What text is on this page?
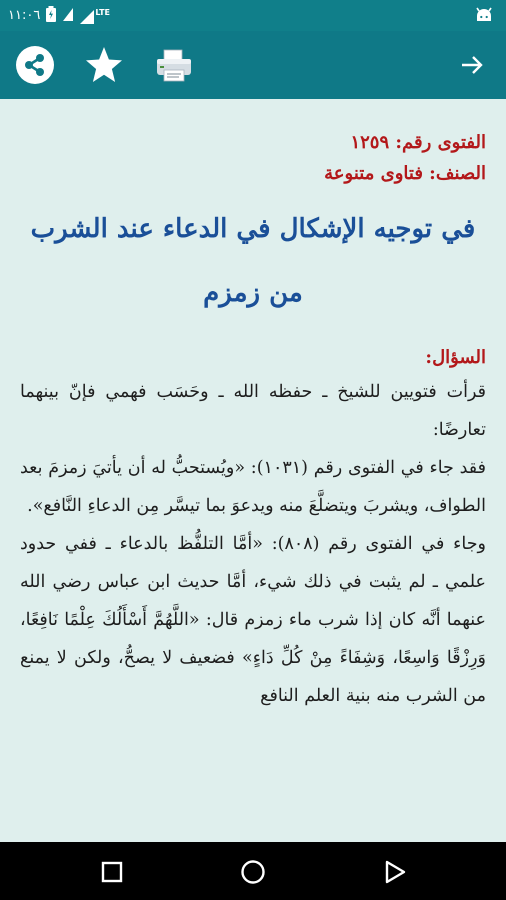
١١:٠٦	LTE
الفتوى رقم: ١٢٥٩
الصنف: فتاوى متنوعة
في توجيه الإشكال في الدعاء عند الشرب من زمزم
السؤال:
قرأت فتويين للشيخ ـ حفظه الله ـ وحَسَب فهمي فإنّ بينهما تعارضًا:
فقد جاء في الفتوى رقم (١٠٣١): «ويُستحبُّ له أن يأتيَ زمزمَ بعد الطواف، ويشربَ ويتضلَّعَ منه ويدعوَ بما تيسَّر مِن الدعاءِ النَّافع».
وجاء في الفتوى رقم (٨٠٨): «أمَّا التلفُّظ بالدعاء ـ ففي حدود علمي ـ لم يثبت في ذلك شيء، أمَّا حديث ابن عباس رضي الله عنهما أنَّه كان إذا شرب ماء زمزم قال: «اللَّهُمَّ أَسْأَلُكَ عِلْمًا نَافِعًا، وَرِزْقًا وَاسِعًا، وَشِفَاءً مِنْ كُلِّ دَاءٍ» فضعيف لا يصحُّ، ولكن لا يمنع من الشرب منه بنية العلم النافع
